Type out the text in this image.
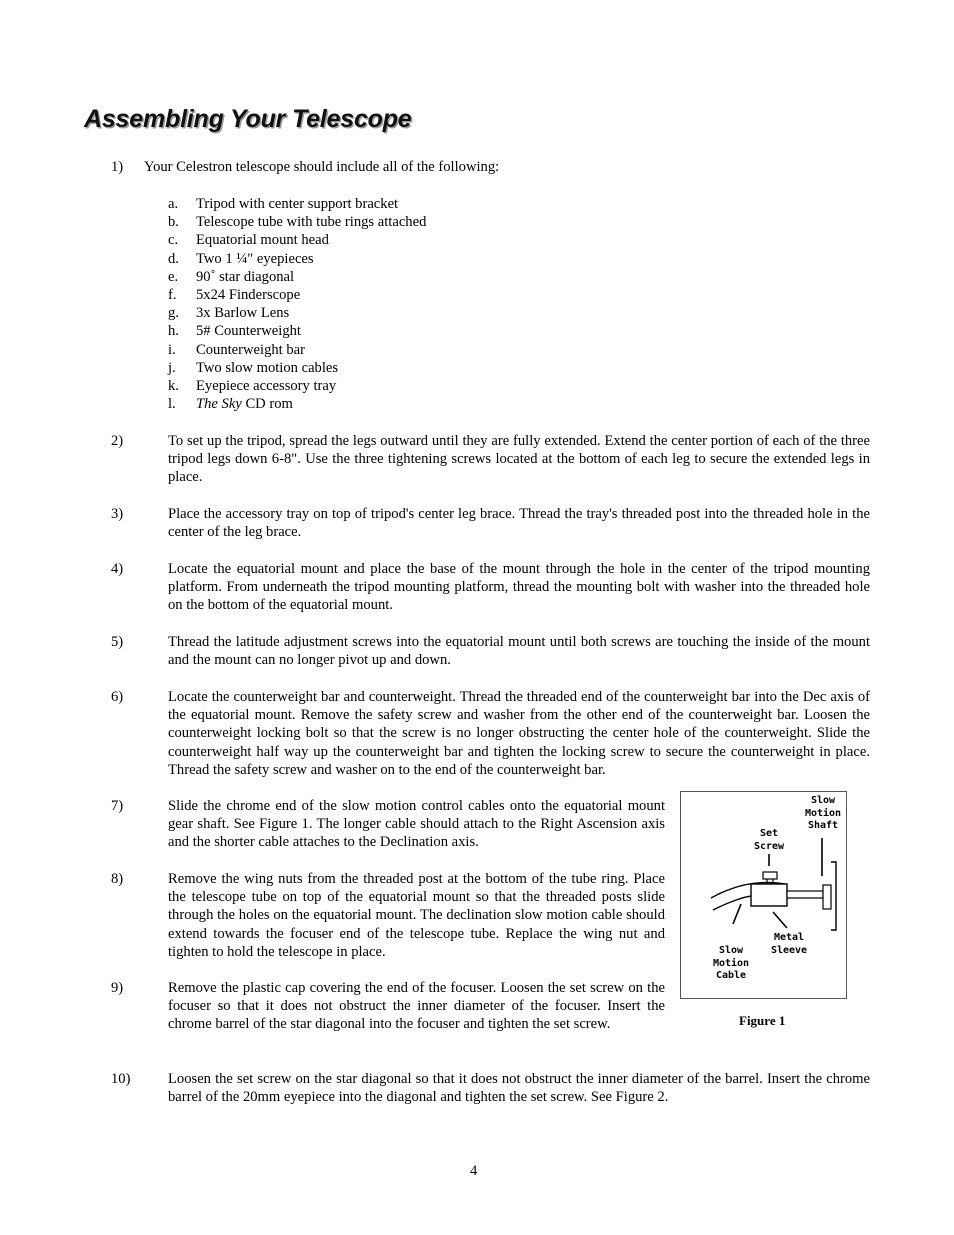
Assembling Your Telescope
1) Your Celestron telescope should include all of the following:
a.	Tripod with center support bracket
b.	Telescope tube with tube rings attached
c.	Equatorial mount head
d.	Two 1 ¼" eyepieces
e.	90˚ star diagonal
f.	5x24 Finderscope
g.	3x Barlow Lens
h.	5# Counterweight
i.	Counterweight bar
j.	Two slow motion cables
k.	Eyepiece accessory tray
l.	The Sky CD rom
2)	To set up the tripod, spread the legs outward until they are fully extended. Extend the center portion of each of the three tripod legs down 6-8". Use the three tightening screws located at the bottom of each leg to secure the extended legs in place.
3)	Place the accessory tray on top of tripod's center leg brace. Thread the tray's threaded post into the threaded hole in the center of the leg brace.
4)	Locate the equatorial mount and place the base of the mount through the hole in the center of the tripod mounting platform. From underneath the tripod mounting platform, thread the mounting bolt with washer into the threaded hole on the bottom of the equatorial mount.
5)	Thread the latitude adjustment screws into the equatorial mount until both screws are touching the inside of the mount and the mount can no longer pivot up and down.
6)	Locate the counterweight bar and counterweight. Thread the threaded end of the counterweight bar into the Dec axis of the equatorial mount. Remove the safety screw and washer from the other end of the counterweight bar. Loosen the counterweight locking bolt so that the screw is no longer obstructing the center hole of the counterweight. Slide the counterweight half way up the counterweight bar and tighten the locking screw to secure the counterweight in place. Thread the safety screw and washer on to the end of the counterweight bar.
7)	Slide the chrome end of the slow motion control cables onto the equatorial mount gear shaft. See Figure 1. The longer cable should attach to the Right Ascension axis and the shorter cable attaches to the Declination axis.
8)	Remove the wing nuts from the threaded post at the bottom of the tube ring. Place the telescope tube on top of the equatorial mount so that the threaded posts slide through the holes on the equatorial mount. The declination slow motion cable should extend towards the focuser end of the telescope tube. Replace the wing nut and tighten to hold the telescope in place.
9)	Remove the plastic cap covering the end of the focuser. Loosen the set screw on the focuser so that it does not obstruct the inner diameter of the focuser. Insert the chrome barrel of the star diagonal into the focuser and tighten the set screw.
10)	Loosen the set screw on the star diagonal so that it does not obstruct the inner diameter of the barrel. Insert the chrome barrel of the 20mm eyepiece into the diagonal and tighten the set screw. See Figure 2.
Slow
Motion
Shaft
Set
Screw
Metal
Sleeve
Slow
Motion
Cable
Figure 1
4
